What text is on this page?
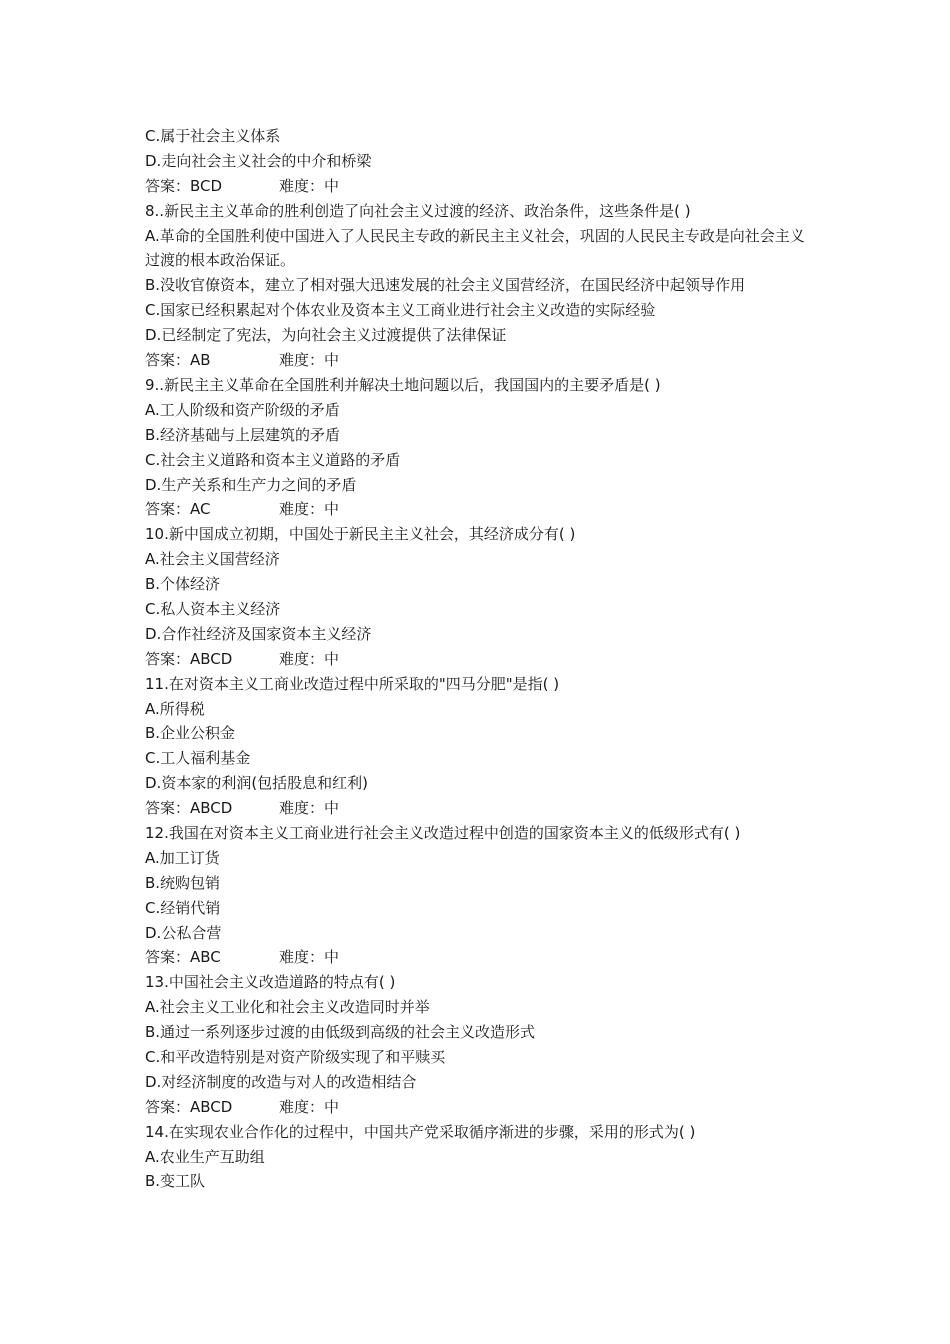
C.属于社会主义体系
D.走向社会主义社会的中介和桥梁
答案：BCD	难度：中
8..新民主主义革命的胜利创造了向社会主义过渡的经济、政治条件，这些条件是( )
A.革命的全国胜利使中国进入了人民民主专政的新民主主义社会，巩固的人民民主专政是向社会主义过渡的根本政治保证。
B.没收官僚资本，建立了相对强大迅速发展的社会主义国营经济，在国民经济中起领导作用
C.国家已经积累起对个体农业及资本主义工商业进行社会主义改造的实际经验
D.已经制定了宪法，为向社会主义过渡提供了法律保证
答案：AB	难度：中
9..新民主主义革命在全国胜利并解决土地问题以后，我国国内的主要矛盾是( )
A.工人阶级和资产阶级的矛盾
B.经济基础与上层建筑的矛盾
C.社会主义道路和资本主义道路的矛盾
D.生产关系和生产力之间的矛盾
答案：AC	难度：中
10.新中国成立初期，中国处于新民主主义社会，其经济成分有( )
A.社会主义国营经济
B.个体经济
C.私人资本主义经济
D.合作社经济及国家资本主义经济
答案：ABCD	难度：中
11.在对资本主义工商业改造过程中所采取的"四马分肥"是指( )
A.所得税
B.企业公积金
C.工人福利基金
D.资本家的利润(包括股息和红利)
答案：ABCD	难度：中
12.我国在对资本主义工商业进行社会主义改造过程中创造的国家资本主义的低级形式有( )
A.加工订货
B.统购包销
C.经销代销
D.公私合营
答案：ABC	难度：中
13.中国社会主义改造道路的特点有( )
A.社会主义工业化和社会主义改造同时并举
B.通过一系列逐步过渡的由低级到高级的社会主义改造形式
C.和平改造特别是对资产阶级实现了和平赎买
D.对经济制度的改造与对人的改造相结合
答案：ABCD	难度：中
14.在实现农业合作化的过程中，中国共产党采取循序渐进的步骤，采用的形式为( )
A.农业生产互助组
B.变工队
